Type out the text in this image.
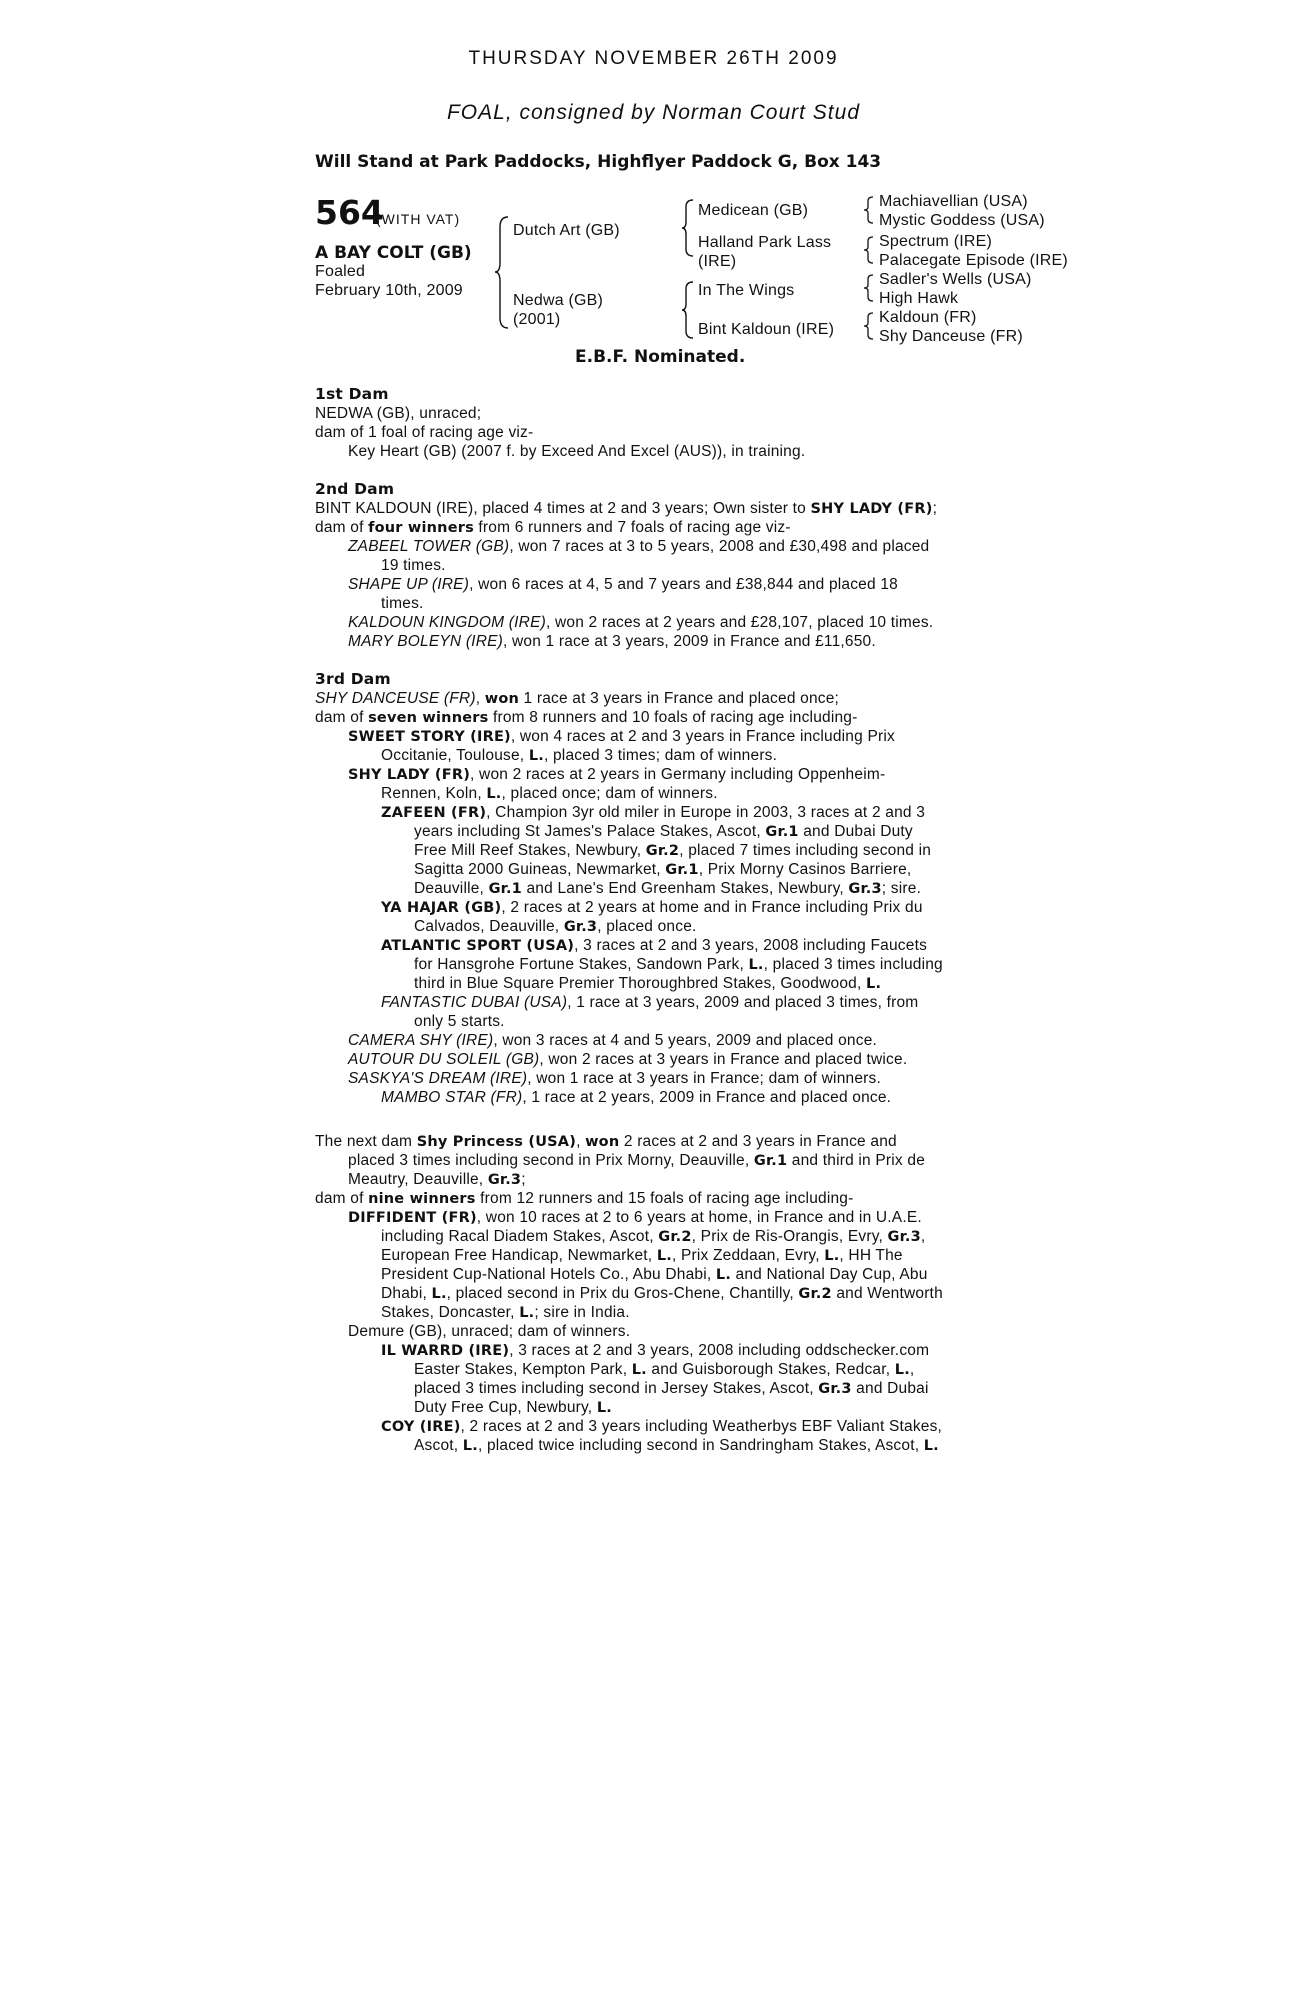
THURSDAY NOVEMBER 26TH 2009
FOAL, consigned by Norman Court Stud
Will Stand at Park Paddocks, Highflyer Paddock G, Box 143
564
(WITH VAT)
A BAY COLT (GB)
Foaled
February 10th, 2009
Dutch Art (GB)
Nedwa (GB)
(2001)
Medicean (GB)
Halland Park Lass
(IRE)
In The Wings
Bint Kaldoun (IRE)
Machiavellian (USA)
Mystic Goddess (USA)
Spectrum (IRE)
Palacegate Episode (IRE)
Sadler's Wells (USA)
High Hawk
Kaldoun (FR)
Shy Danceuse (FR)
E.B.F. Nominated.
1st Dam
NEDWA (GB), unraced;
dam of 1 foal of racing age viz-
Key Heart (GB) (2007 f. by Exceed And Excel (AUS)), in training.
2nd Dam
BINT KALDOUN (IRE), placed 4 times at 2 and 3 years; Own sister to SHY LADY (FR);
dam of four winners from 6 runners and 7 foals of racing age viz-
ZABEEL TOWER (GB), won 7 races at 3 to 5 years, 2008 and £30,498 and placed
19 times.
SHAPE UP (IRE), won 6 races at 4, 5 and 7 years and £38,844 and placed 18
times.
KALDOUN KINGDOM (IRE), won 2 races at 2 years and £28,107, placed 10 times.
MARY BOLEYN (IRE), won 1 race at 3 years, 2009 in France and £11,650.
3rd Dam
SHY DANCEUSE (FR), won 1 race at 3 years in France and placed once;
dam of seven winners from 8 runners and 10 foals of racing age including-
SWEET STORY (IRE), won 4 races at 2 and 3 years in France including Prix
Occitanie, Toulouse, L., placed 3 times; dam of winners.
SHY LADY (FR), won 2 races at 2 years in Germany including Oppenheim-
Rennen, Koln, L., placed once; dam of winners.
ZAFEEN (FR), Champion 3yr old miler in Europe in 2003, 3 races at 2 and 3
years including St James's Palace Stakes, Ascot, Gr.1 and Dubai Duty
Free Mill Reef Stakes, Newbury, Gr.2, placed 7 times including second in
Sagitta 2000 Guineas, Newmarket, Gr.1, Prix Morny Casinos Barriere,
Deauville, Gr.1 and Lane's End Greenham Stakes, Newbury, Gr.3; sire.
YA HAJAR (GB), 2 races at 2 years at home and in France including Prix du
Calvados, Deauville, Gr.3, placed once.
ATLANTIC SPORT (USA), 3 races at 2 and 3 years, 2008 including Faucets
for Hansgrohe Fortune Stakes, Sandown Park, L., placed 3 times including
third in Blue Square Premier Thoroughbred Stakes, Goodwood, L.
FANTASTIC DUBAI (USA), 1 race at 3 years, 2009 and placed 3 times, from
only 5 starts.
CAMERA SHY (IRE), won 3 races at 4 and 5 years, 2009 and placed once.
AUTOUR DU SOLEIL (GB), won 2 races at 3 years in France and placed twice.
SASKYA'S DREAM (IRE), won 1 race at 3 years in France; dam of winners.
MAMBO STAR (FR), 1 race at 2 years, 2009 in France and placed once.
The next dam Shy Princess (USA), won 2 races at 2 and 3 years in France and
placed 3 times including second in Prix Morny, Deauville, Gr.1 and third in Prix de
Meautry, Deauville, Gr.3;
dam of nine winners from 12 runners and 15 foals of racing age including-
DIFFIDENT (FR), won 10 races at 2 to 6 years at home, in France and in U.A.E.
including Racal Diadem Stakes, Ascot, Gr.2, Prix de Ris-Orangis, Evry, Gr.3,
European Free Handicap, Newmarket, L., Prix Zeddaan, Evry, L., HH The
President Cup-National Hotels Co., Abu Dhabi, L. and National Day Cup, Abu
Dhabi, L., placed second in Prix du Gros-Chene, Chantilly, Gr.2 and Wentworth
Stakes, Doncaster, L.; sire in India.
Demure (GB), unraced; dam of winners.
IL WARRD (IRE), 3 races at 2 and 3 years, 2008 including oddschecker.com
Easter Stakes, Kempton Park, L. and Guisborough Stakes, Redcar, L.,
placed 3 times including second in Jersey Stakes, Ascot, Gr.3 and Dubai
Duty Free Cup, Newbury, L.
COY (IRE), 2 races at 2 and 3 years including Weatherbys EBF Valiant Stakes,
Ascot, L., placed twice including second in Sandringham Stakes, Ascot, L.
